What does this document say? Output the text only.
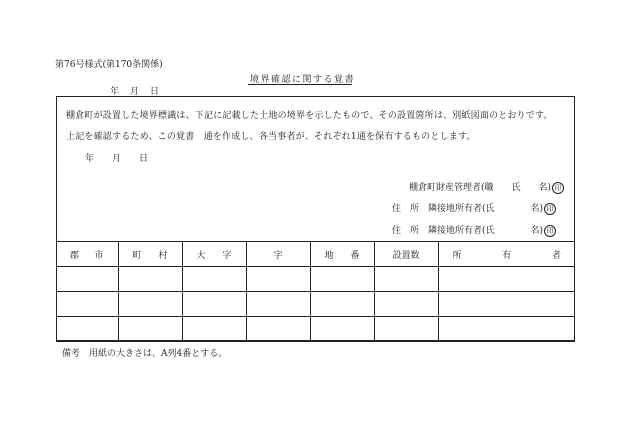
第76号様式(第170条関係)
境界確認に関する覚書
年　月　日
棚倉町が設置した境界標識は、下記に記載した土地の境界を示したもので、その設置箇所は、別紙図面のとおりです。
上記を確認するため、この覚書　通を作成し、各当事者が、それぞれ1通を保有するものとします。
年　　月　　日
棚倉町財産管理者(職　　氏　　名) 印
住　所　隣接地所有者(氏　　　　名) 印
住　所　隣接地所有者(氏　　　　名) 印
郡 市	町 村	大 字	字	地 番	設置数	所 有 者

備考　用紙の大きさは、A列4番とする。
